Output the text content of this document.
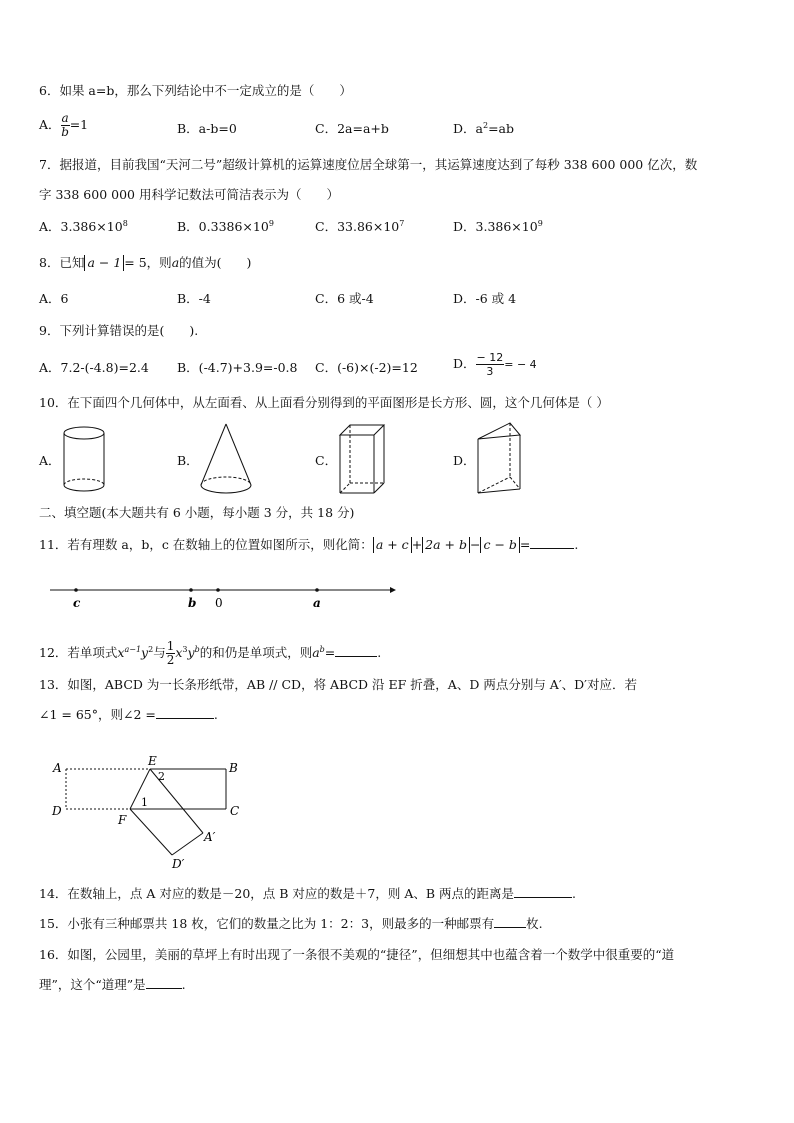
6．如果 a=b，那么下列结论中不一定成立的是（　　）
A． $\frac{a}{b} =1$	B．a-b=0	C．2a=a+b	D．$a^2=ab$
7．据报道，目前我国“天河二号”超级计算机的运算速度位居全球第一，其运算速度达到了每秒 338 600 000 亿次，数
字 338 600 000 用科学记数法可简洁表示为（　　）
A．$3.386\times 10^8$	B．$0.3386\times 10^9$	C．$33.86\times 10^7$	D．$3.386\times 10^9$
8．已知 a − 1 = 5，则a的值为(　　)
A．6	B．-4	C．6 或-4	D．-6 或 4
9．下列计算错误的是(　　).
A．7.2-(-4.8)=2.4 B．(-4.7)+3.9=-0.8 C．(-6)×(-2)=12	D． $\frac{- 12}{3}$ = − 4
10．在下面四个几何体中，从左面看、从上面看分别得到的平面图形是长方形、圆，这个几何体是（ ）
A．	B．	C．	D．
二、填空题(本大题共有 6 小题，每小题 3 分，共 18 分)
11．若有理数 a，b，c 在数轴上的位置如图所示，则化简： a + c + 2a + b − c − b =	.
c	b 0	a
12．若单项式$x^{a-1}y^2$与 $\frac{1}{2} x^3y^b$的和仍是单项式，则$a^b=$	.
13．如图，ABCD 为一长条形纸带，AB // CD，将 ABCD 沿 EF 折叠，A、D 两点分别与 A′、D′对应．若
∠1 = 65°，则∠2 =	.
A	E
2
B
D
1
C
F
A′
D′
14．在数轴上，点 A 对应的数是－20，点 B 对应的数是＋7，则 A、B 两点的距离是	.
15．小张有三种邮票共 18 枚，它们的数量之比为 1：2：3，则最多的一种邮票有	枚.
16．如图，公园里，美丽的草坪上有时出现了一条很不美观的“捷径”，但细想其中也蕴含着一个数学中很重要的“道
理”，这个“道理”是	.
